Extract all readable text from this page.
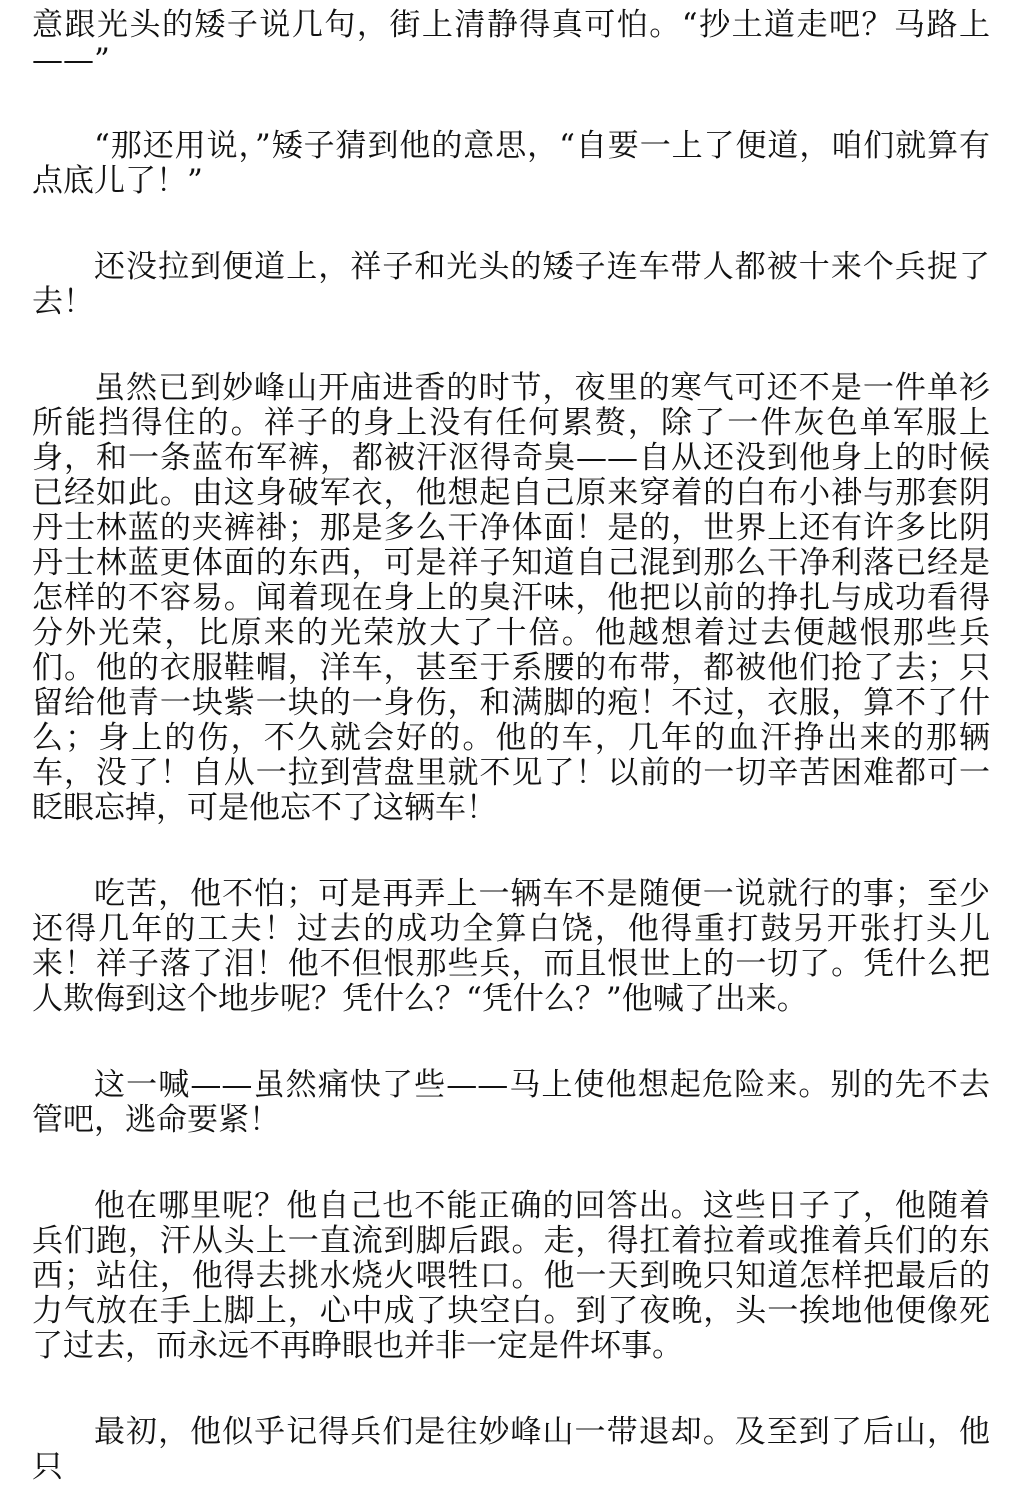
意跟光头的矮子说几句，街上清静得真可怕。“抄土道走吧？马路上——”

“那还用说，”矮子猜到他的意思，“自要一上了便道，咱们就算有点底儿了！”

还没拉到便道上，祥子和光头的矮子连车带人都被十来个兵捉了去！

虽然已到妙峰山开庙进香的时节，夜里的寒气可还不是一件单衫所能挡得住的。祥子的身上没有任何累赘，除了一件灰色单军服上身，和一条蓝布军裤，都被汗沤得奇臭——自从还没到他身上的时候已经如此。由这身破军衣，他想起自己原来穿着的白布小褂与那套阴丹士林蓝的夹裤褂；那是多么干净体面！是的，世界上还有许多比阴丹士林蓝更体面的东西，可是祥子知道自己混到那么干净利落已经是怎样的不容易。闻着现在身上的臭汗味，他把以前的挣扎与成功看得分外光荣，比原来的光荣放大了十倍。他越想着过去便越恨那些兵们。他的衣服鞋帽，洋车，甚至于系腰的布带，都被他们抢了去；只留给他青一块紫一块的一身伤，和满脚的疱！不过，衣服，算不了什么；身上的伤，不久就会好的。他的车，几年的血汗挣出来的那辆车，没了！自从一拉到营盘里就不见了！以前的一切辛苦困难都可一眨眼忘掉，可是他忘不了这辆车！

吃苦，他不怕；可是再弄上一辆车不是随便一说就行的事；至少还得几年的工夫！过去的成功全算白饶，他得重打鼓另开张打头儿来！祥子落了泪！他不但恨那些兵，而且恨世上的一切了。凭什么把人欺侮到这个地步呢？凭什么？“凭什么？”他喊了出来。

这一喊——虽然痛快了些——马上使他想起危险来。别的先不去管吧，逃命要紧！

他在哪里呢？他自己也不能正确的回答出。这些日子了，他随着兵们跑，汗从头上一直流到脚后跟。走，得扛着拉着或推着兵们的东西；站住，他得去挑水烧火喂牲口。他一天到晚只知道怎样把最后的力气放在手上脚上，心中成了块空白。到了夜晚，头一挨地他便像死了过去，而永远不再睁眼也并非一定是件坏事。

最初，他似乎记得兵们是往妙峰山一带退却。及至到了后山，他只
